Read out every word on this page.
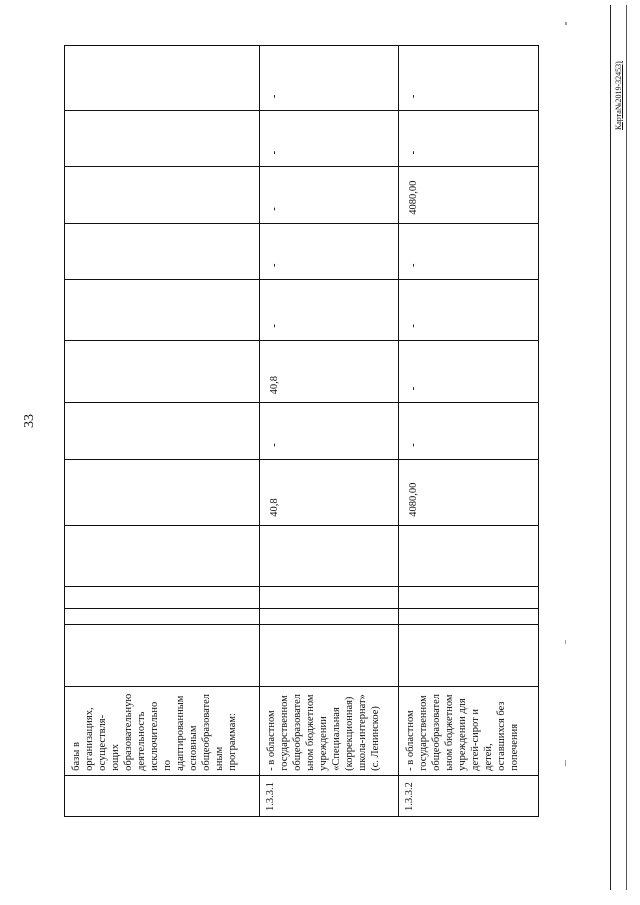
33
Карта№2019-32453)
	базы в организациях, осуществля-ющих образовательную деятельность исключительно по адаптированным основным общеобразовател ьным программам:												
1.3.3.1	- в областном государственном общеобразовател ьном бюджетном учреждении «Специальная (коррекционная) школа-интернат» (с. Ленинское)					40,8	-	40,8	-	-	-	-	-
1.3.3.2	- в областном государственном общеобразовател ьном бюджетном учреждении для детей-сирот и детей, оставшихся без попечения					4080,00	-	-	-	-	4080,00	-	-
